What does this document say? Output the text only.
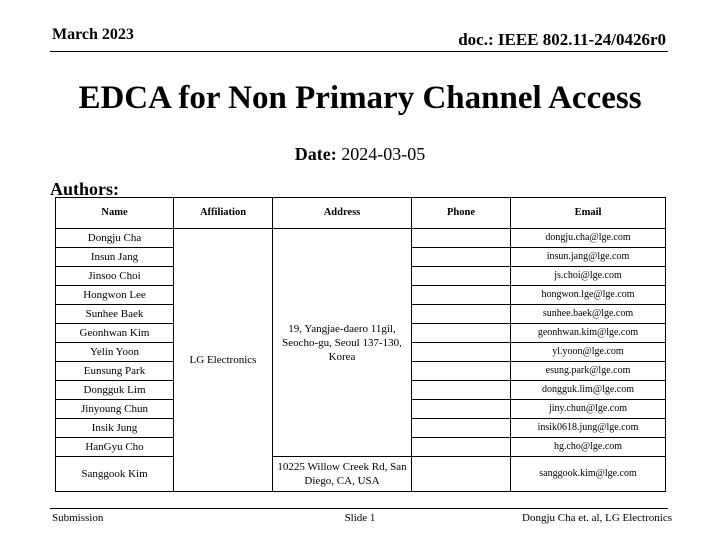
March 2023	doc.: IEEE 802.11-24/0426r0
EDCA for Non Primary Channel Access
Date: 2024-03-05
Authors:
Name	Affiliation	Address	Phone	Email
Dongju Cha	LG Electronics	19, Yangjae-daero 11gil, Seocho-gu, Seoul 137-130, Korea		dongju.cha@lge.com
Insun Jang				insun.jang@lge.com
Jinsoo Choi				js.choi@lge.com
Hongwon Lee				hongwon.lge@lge.com
Sunhee Baek				sunhee.baek@lge.com
Geonhwan Kim				geonhwan.kim@lge.com
Yelin Yoon				yl.yoon@lge.com
Eunsung Park				esung.park@lge.com
Dongguk Lim				dongguk.lim@lge.com
Jinyoung Chun				jiny.chun@lge.com
Insik Jung				insik0618.jung@lge.com
HanGyu Cho				hg.cho@lge.com
Sanggook Kim		10225 Willow Creek Rd, San Diego, CA, USA		sanggook.kim@lge.com
Submission	Slide 1	Dongju Cha et. al, LG Electronics
